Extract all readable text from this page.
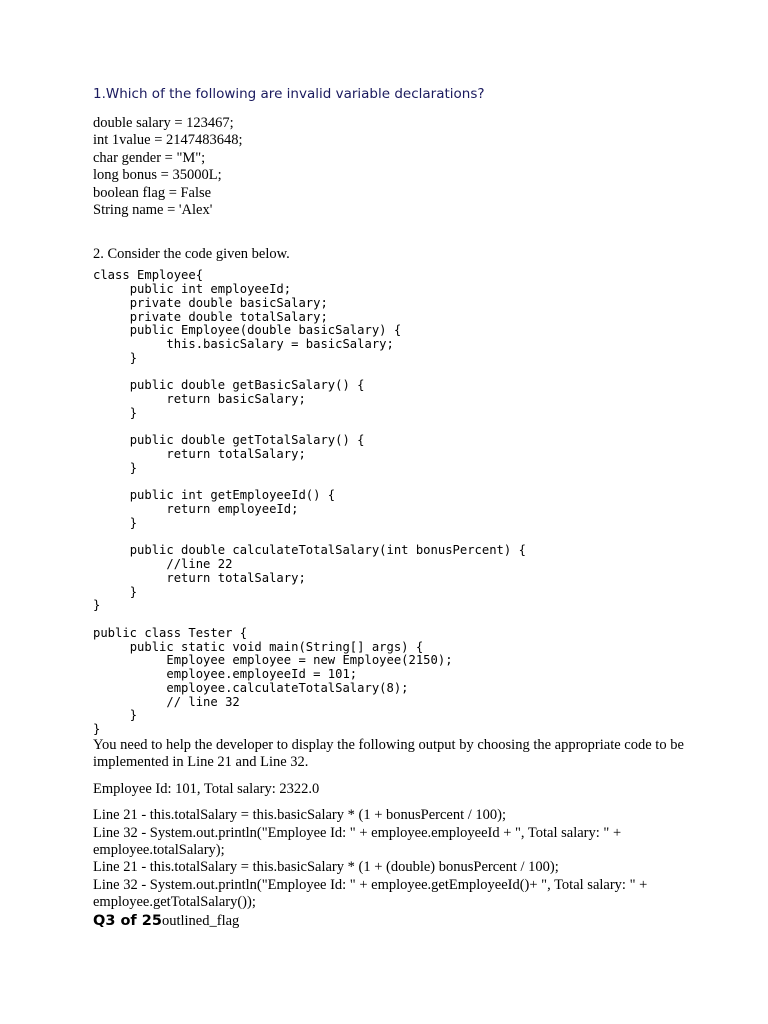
1.Which of the following are invalid variable declarations?
double salary = 123467;
int 1value = 2147483648;
char gender = "M";
long bonus = 35000L;
boolean flag = False
String name = 'Alex'
2. Consider the code given below.
class Employee{
	public int employeeId;
	private double basicSalary;
	private double totalSalary;
	public Employee(double basicSalary) {
		this.basicSalary = basicSalary;
	}

	public double getBasicSalary() {
		return basicSalary;
	}

	public double getTotalSalary() {
		return totalSalary;
	}

	public int getEmployeeId() {
		return employeeId;
	}

	public double calculateTotalSalary(int bonusPercent) {
		//line 22
		return totalSalary;
	}
}

public class Tester {
	public static void main(String[] args) {
		Employee employee = new Employee(2150);
		employee.employeeId = 101;
		employee.calculateTotalSalary(8);
		// line 32
	}
}

You need to help the developer to display the following output by choosing the appropriate code to be implemented in Line 21 and Line 32.

Employee Id: 101, Total salary: 2322.0

Line 21 - this.totalSalary = this.basicSalary * (1 + bonusPercent / 100);
Line 32 - System.out.println("Employee Id: " + employee.employeeId + ", Total salary: " + employee.totalSalary);
Line 21 - this.totalSalary = this.basicSalary * (1 + (double) bonusPercent / 100);
Line 32 - System.out.println("Employee Id: " + employee.getEmployeeId()+ ", Total salary: " + employee.getTotalSalary());
Q3 of 25outlined_flag
